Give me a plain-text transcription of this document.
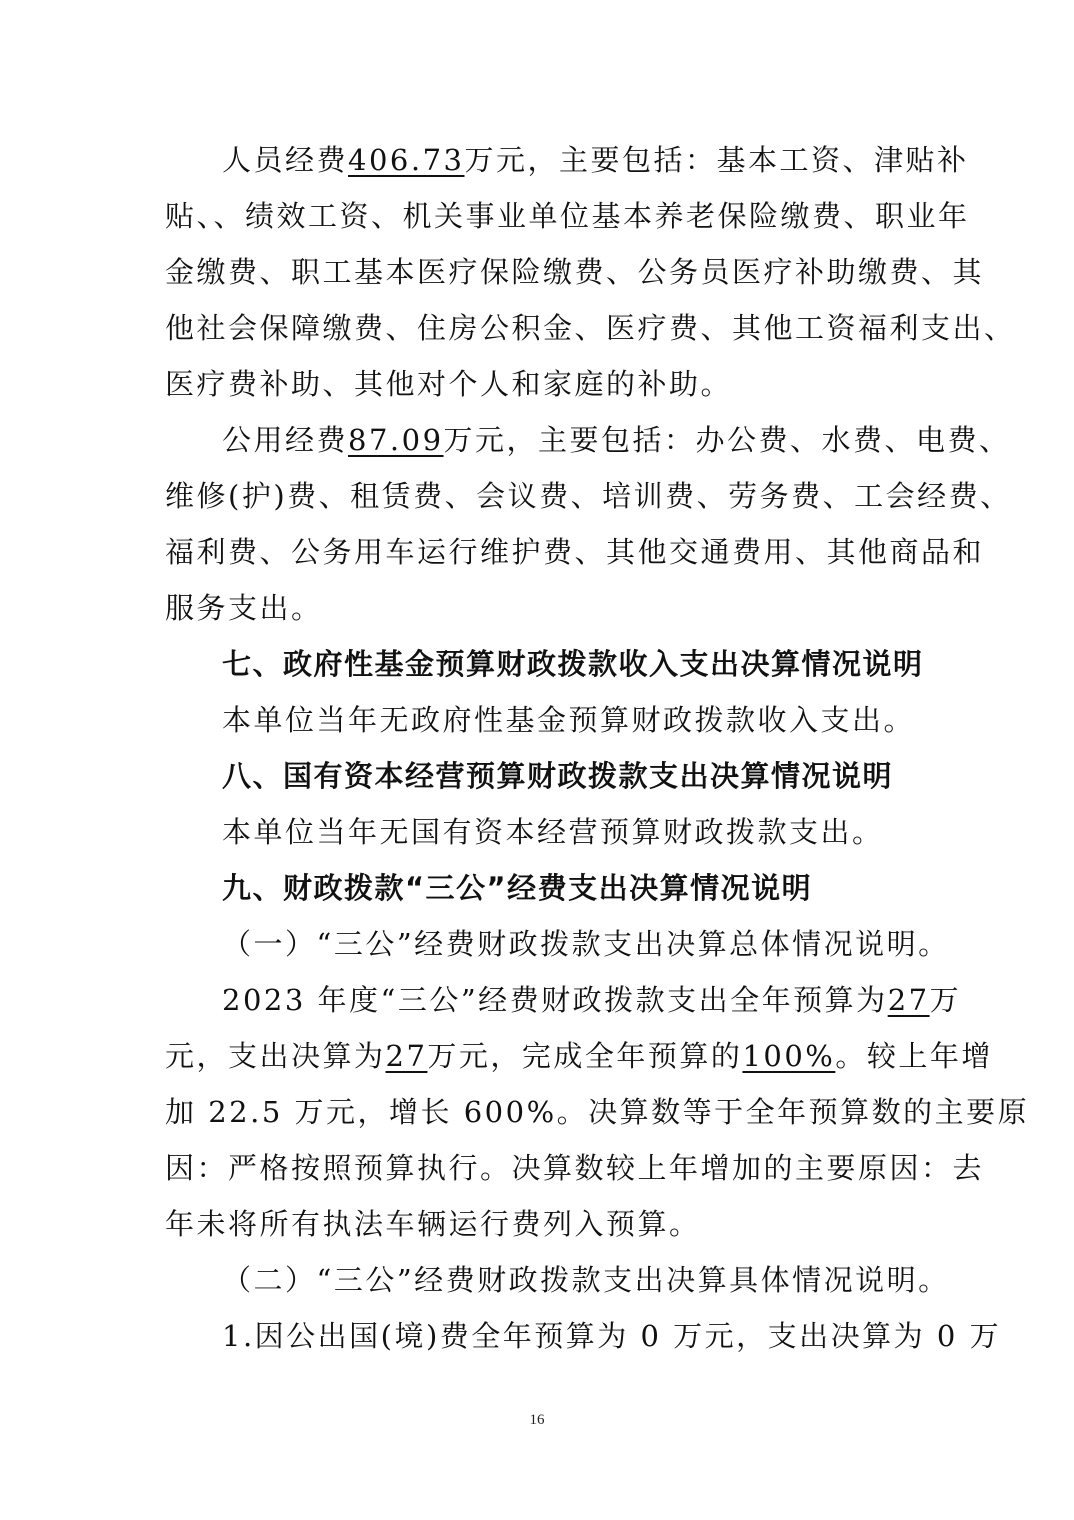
人员经费406.73万元，主要包括：基本工资、津贴补
贴、、绩效工资、机关事业单位基本养老保险缴费、职业年
金缴费、职工基本医疗保险缴费、公务员医疗补助缴费、其
他社会保障缴费、住房公积金、医疗费、其他工资福利支出、
医疗费补助、其他对个人和家庭的补助。
公用经费87.09万元，主要包括：办公费、水费、电费、
维修(护)费、租赁费、会议费、培训费、劳务费、工会经费、
福利费、公务用车运行维护费、其他交通费用、其他商品和
服务支出。
七、政府性基金预算财政拨款收入支出决算情况说明
本单位当年无政府性基金预算财政拨款收入支出。
八、国有资本经营预算财政拨款支出决算情况说明
本单位当年无国有资本经营预算财政拨款支出。
九、财政拨款“三公”经费支出决算情况说明
（一）“三公”经费财政拨款支出决算总体情况说明。
2023 年度“三公”经费财政拨款支出全年预算为27万
元，支出决算为27万元，完成全年预算的100%。较上年增
加 22.5 万元，增长 600%。决算数等于全年预算数的主要原
因：严格按照预算执行。决算数较上年增加的主要原因：去
年未将所有执法车辆运行费列入预算。
（二）“三公”经费财政拨款支出决算具体情况说明。
1.因公出国(境)费全年预算为 0 万元，支出决算为 0 万
16
